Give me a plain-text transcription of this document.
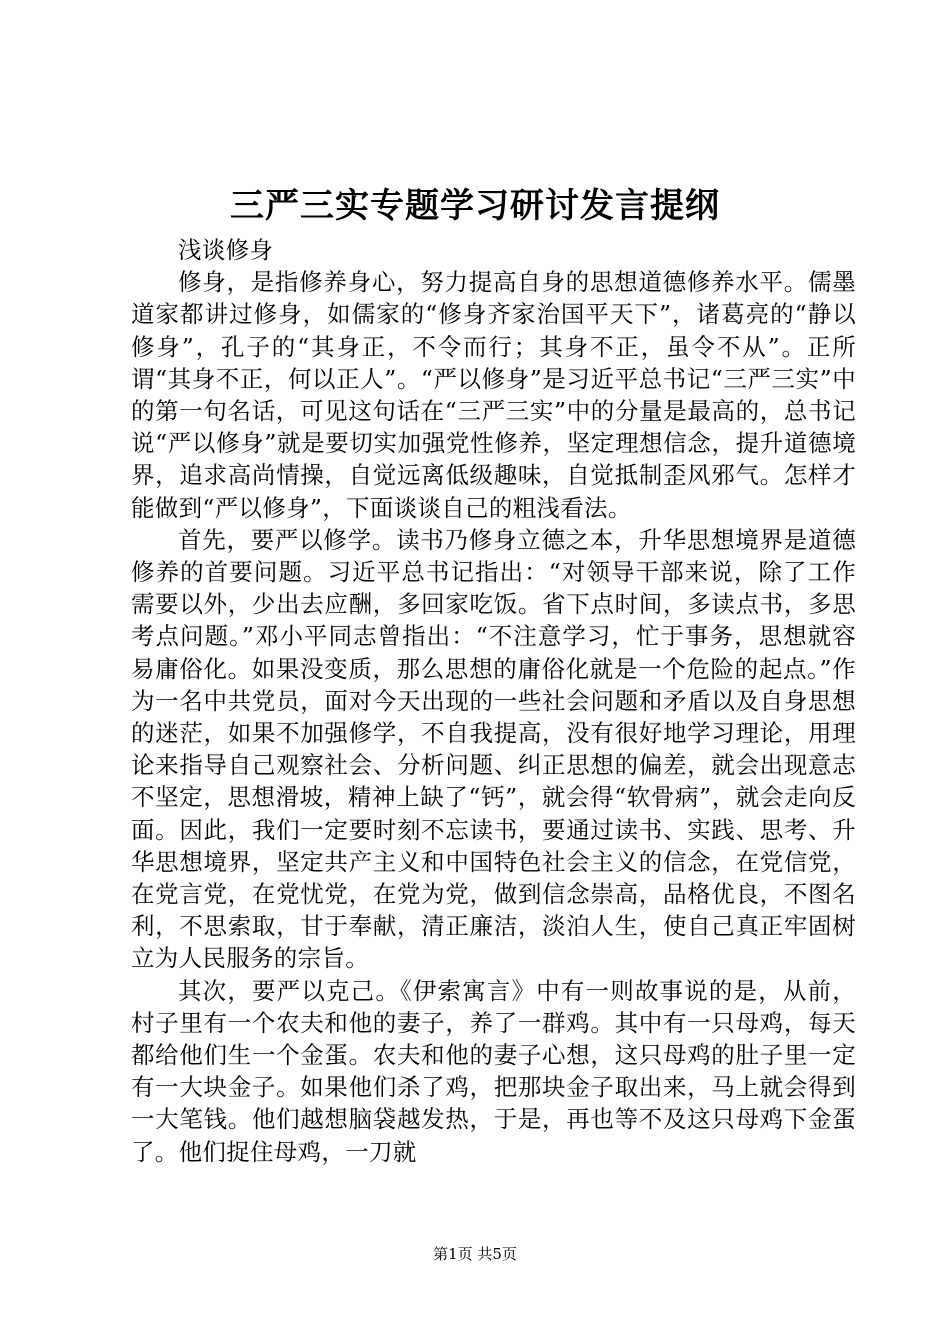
三严三实专题学习研讨发言提纲

浅谈修身

修身，是指修养身心，努力提高自身的思想道德修养水平。儒墨道家都讲过修身，如儒家的“修身齐家治国平天下”，诸葛亮的“静以修身”，孔子的“其身正，不令而行；其身不正，虽令不从”。正所谓“其身不正，何以正人”。“严以修身”是习近平总书记“三严三实”中的第一句名话，可见这句话在“三严三实”中的分量是最高的，总书记说“严以修身”就是要切实加强党性修养，坚定理想信念，提升道德境界，追求高尚情操，自觉远离低级趣味，自觉抵制歪风邪气。怎样才能做到“严以修身”，下面谈谈自己的粗浅看法。

首先，要严以修学。读书乃修身立德之本，升华思想境界是道德修养的首要问题。习近平总书记指出：“对领导干部来说，除了工作需要以外，少出去应酬，多回家吃饭。省下点时间，多读点书，多思考点问题。”邓小平同志曾指出：“不注意学习，忙于事务，思想就容易庸俗化。如果没变质，那么思想的庸俗化就是一个危险的起点。”作为一名中共党员，面对今天出现的一些社会问题和矛盾以及自身思想的迷茫，如果不加强修学，不自我提高，没有很好地学习理论，用理论来指导自己观察社会、分析问题、纠正思想的偏差，就会出现意志不坚定，思想滑坡，精神上缺了“钙”，就会得“软骨病”，就会走向反面。因此，我们一定要时刻不忘读书，要通过读书、实践、思考、升华思想境界，坚定共产主义和中国特色社会主义的信念，在党信党，在党言党，在党忧党，在党为党，做到信念崇高，品格优良，不图名利，不思索取，甘于奉献，清正廉洁，淡泊人生，使自己真正牢固树立为人民服务的宗旨。

其次，要严以克己。《伊索寓言》中有一则故事说的是，从前，村子里有一个农夫和他的妻子，养了一群鸡。其中有一只母鸡，每天都给他们生一个金蛋。农夫和他的妻子心想，这只母鸡的肚子里一定有一大块金子。如果他们杀了鸡，把那块金子取出来，马上就会得到一大笔钱。他们越想脑袋越发热，于是，再也等不及这只母鸡下金蛋了。他们捉住母鸡，一刀就

第1页 共5页
